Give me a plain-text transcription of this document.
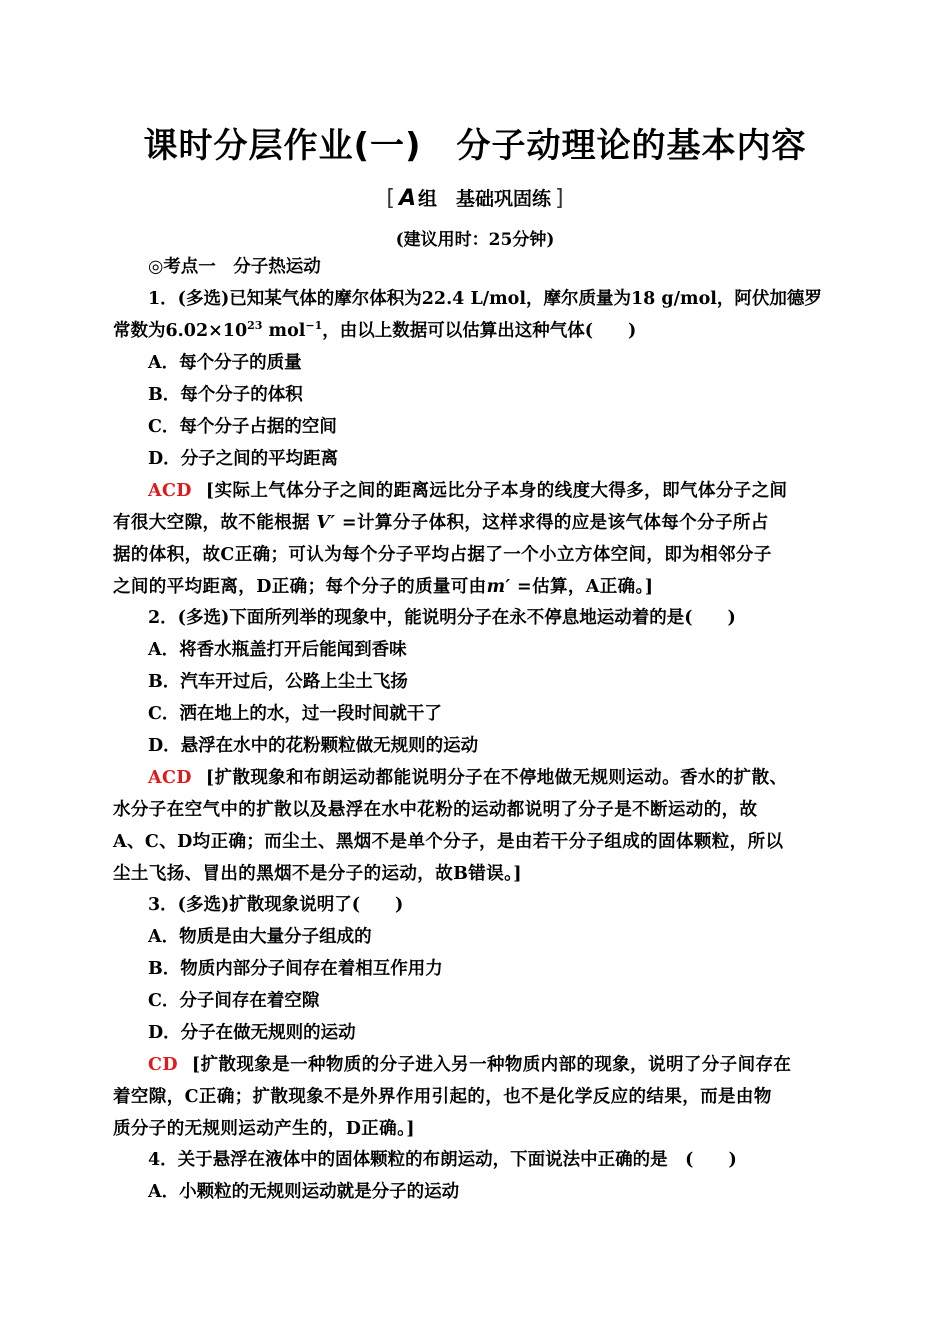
课时分层作业(一)　分子动理论的基本内容
[ A 组　基础巩固练 ]
(建议用时：25分钟)
◎考点一　分子热运动
1．(多选)已知某气体的摩尔体积为22.4 L/mol，摩尔质量为18 g/mol，阿伏加德罗
常数为$6.02\times 10^{23}$ mol$^{-1}$，由以上数据可以估算出这种气体(　　)
A．每个分子的质量
B．每个分子的体积
C．每个分子占据的空间
D．分子之间的平均距离
ACD [实际上气体分子之间的距离远比分子本身的线度大得多，即气体分子之间
有很大空隙，故不能根据 V′ =计算分子体积，这样求得的应是该气体每个分子所占
据的体积，故C正确；可认为每个分子平均占据了一个小立方体空间，即为相邻分子
之间的平均距离，D正确；每个分子的质量可由m′ =估算，A正确。]
2．(多选)下面所列举的现象中，能说明分子在永不停息地运动着的是(　　)
A．将香水瓶盖打开后能闻到香味
B．汽车开过后，公路上尘土飞扬
C．洒在地上的水，过一段时间就干了
D．悬浮在水中的花粉颗粒做无规则的运动
ACD [扩散现象和布朗运动都能说明分子在不停地做无规则运动。香水的扩散、
水分子在空气中的扩散以及悬浮在水中花粉的运动都说明了分子是不断运动的，故
A、C、D均正确；而尘土、黑烟不是单个分子，是由若干分子组成的固体颗粒，所以
尘土飞扬、冒出的黑烟不是分子的运动，故B错误。]
3．(多选)扩散现象说明了(　　)
A．物质是由大量分子组成的
B．物质内部分子间存在着相互作用力
C．分子间存在着空隙
D．分子在做无规则的运动
CD [扩散现象是一种物质的分子进入另一种物质内部的现象，说明了分子间存在
着空隙，C正确；扩散现象不是外界作用引起的，也不是化学反应的结果，而是由物
质分子的无规则运动产生的，D正确。]
4．关于悬浮在液体中的固体颗粒的布朗运动，下面说法中正确的是　(　　)
A．小颗粒的无规则运动就是分子的运动
